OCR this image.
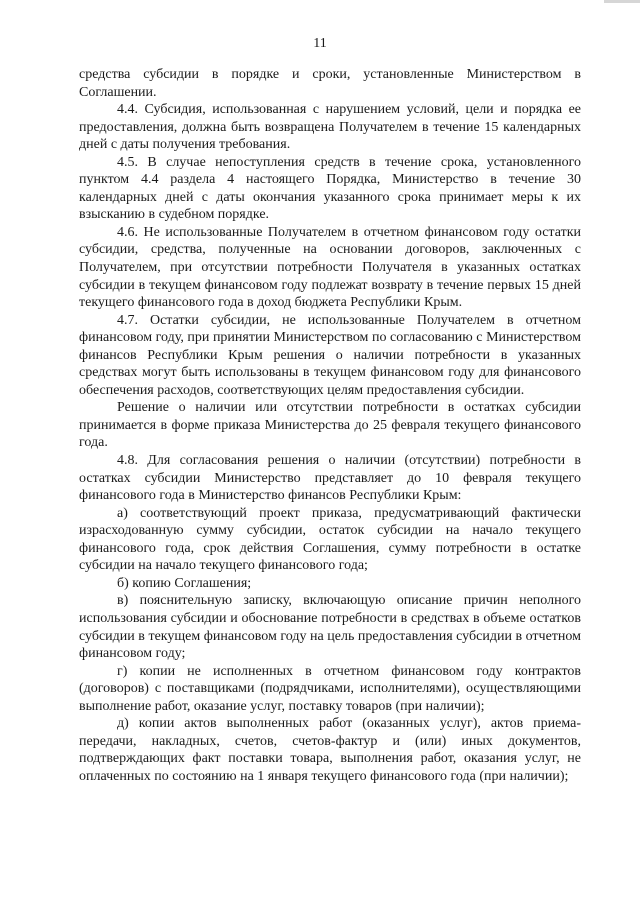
11

средства субсидии в порядке и сроки, установленные Министерством в Соглашении.

4.4. Субсидия, использованная с нарушением условий, цели и порядка ее предоставления, должна быть возвращена Получателем в течение 15 календарных дней с даты получения требования.

4.5. В случае непоступления средств в течение срока, установленного пунктом 4.4 раздела 4 настоящего Порядка, Министерство в течение 30 календарных дней с даты окончания указанного срока принимает меры к их взысканию в судебном порядке.

4.6. Не использованные Получателем в отчетном финансовом году остатки субсидии, средства, полученные на основании договоров, заключенных с Получателем, при отсутствии потребности Получателя в указанных остатках субсидии в текущем финансовом году подлежат возврату в течение первых 15 дней текущего финансового года в доход бюджета Республики Крым.

4.7. Остатки субсидии, не использованные Получателем в отчетном финансовом году, при принятии Министерством по согласованию с Министерством финансов Республики Крым решения о наличии потребности в указанных средствах могут быть использованы в текущем финансовом году для финансового обеспечения расходов, соответствующих целям предоставления субсидии.

Решение о наличии или отсутствии потребности в остатках субсидии принимается в форме приказа Министерства до 25 февраля текущего финансового года.

4.8. Для согласования решения о наличии (отсутствии) потребности в остатках субсидии Министерство представляет до 10 февраля текущего финансового года в Министерство финансов Республики Крым:

а) соответствующий проект приказа, предусматривающий фактически израсходованную сумму субсидии, остаток субсидии на начало текущего финансового года, срок действия Соглашения, сумму потребности в остатке субсидии на начало текущего финансового года;

б) копию Соглашения;

в) пояснительную записку, включающую описание причин неполного использования субсидии и обоснование потребности в средствах в объеме остатков субсидии в текущем финансовом году на цель предоставления субсидии в отчетном финансовом году;

г) копии не исполненных в отчетном финансовом году контрактов (договоров) с поставщиками (подрядчиками, исполнителями), осуществляющими выполнение работ, оказание услуг, поставку товаров (при наличии);

д) копии актов выполненных работ (оказанных услуг), актов приема-передачи, накладных, счетов, счетов-фактур и (или) иных документов, подтверждающих факт поставки товара, выполнения работ, оказания услуг, не оплаченных по состоянию на 1 января текущего финансового года (при наличии);
